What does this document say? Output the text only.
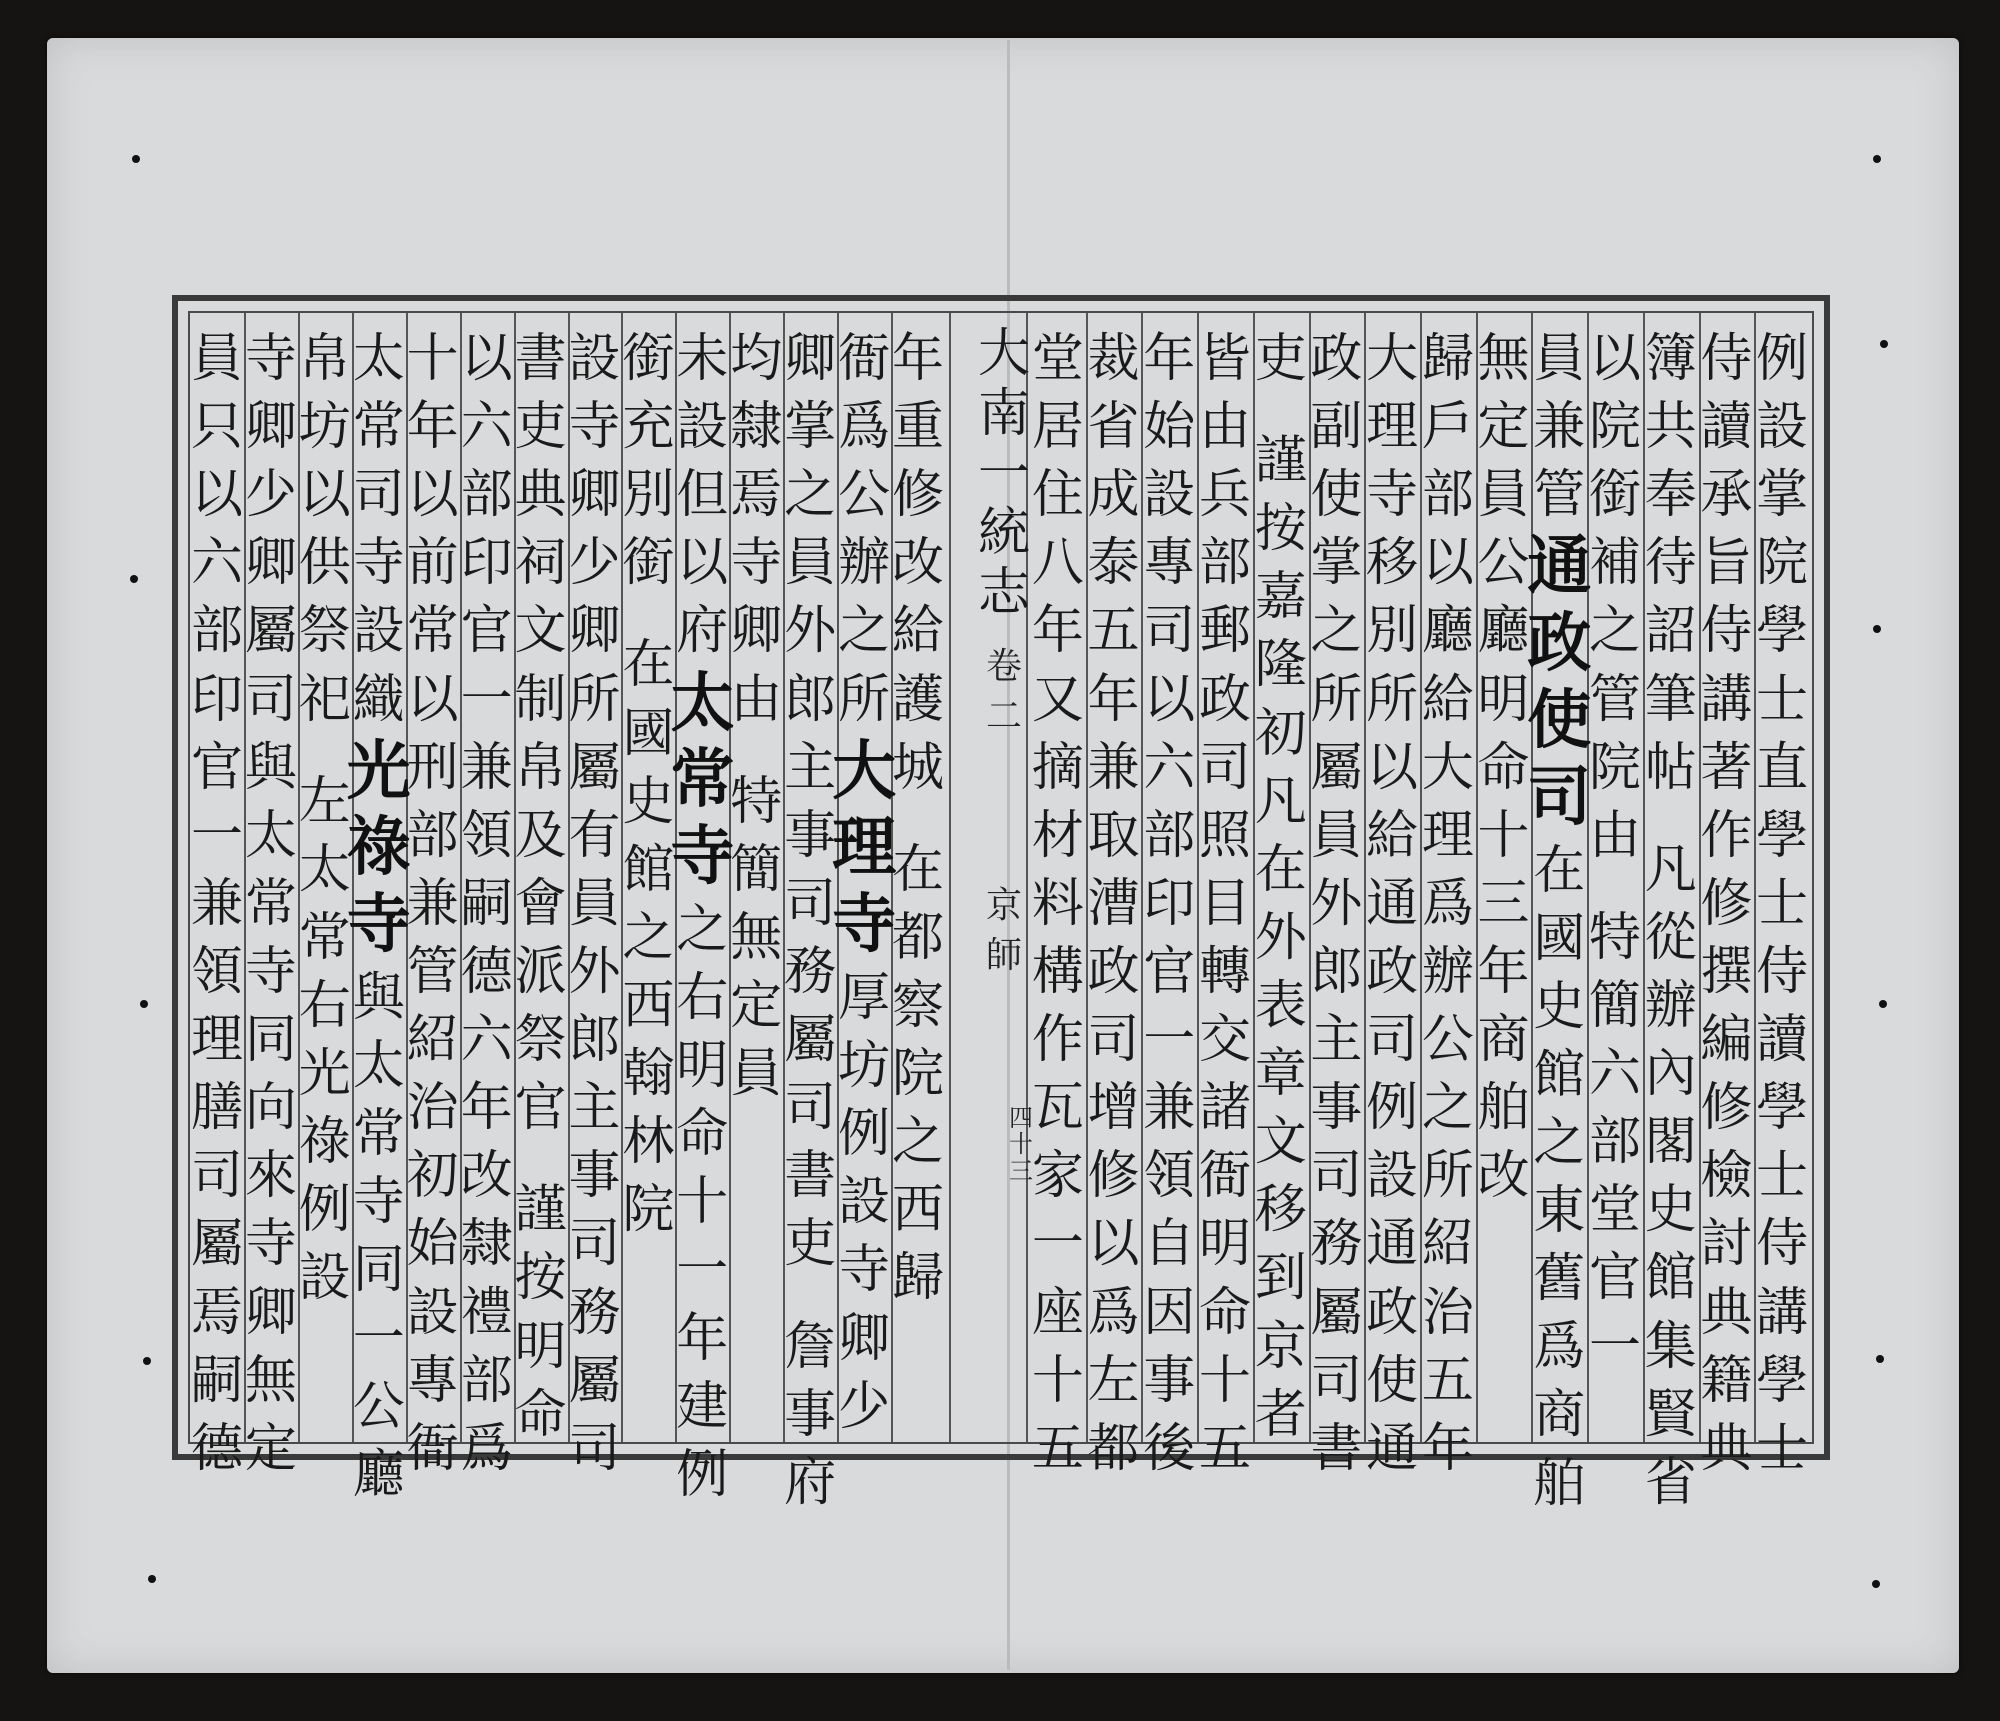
例設掌院學士直學士侍讀學士侍講學士
侍讀承旨侍講著作修撰編修檢討典籍典
簿共奉待詔筆帖
凡從辦內閣史館集賢省
以院銜補之管院由
特簡六部堂官一
員兼管
通政使司
在國史館之東舊爲商舶
無定員公廳明命十三年商舶改
歸戶部以廳給大理爲辦公之所紹治五年
大理寺移別所以給通政司例設通政使通
政副使掌之所屬員外郎主事司務屬司書
吏
謹按嘉隆初凡在外表章文移到京者
皆由兵部郵政司照目轉交諸衙明命十五
年始設專司以六部印官一兼領自因事後
裁省成泰五年兼取漕政司增修以爲左都
堂居住八年又摘材料構作瓦家一座十五
年重修改給護城
在都察院之西歸
衙爲公辦之所
大理寺
厚坊例設寺卿少
卿掌之員外郎主事司務屬司書吏
詹事府
均隸焉寺卿由
特簡無定員
未設但以府
太常寺
之右明命十一年建例
銜充別銜
在國史館之西翰林院
設寺卿少卿所屬有員外郎主事司務屬司
書吏典祠文制帛及會派祭官
謹按明命
以六部印官一兼領嗣德六年改隸禮部爲
十年以前常以刑部兼管紹治初始設專衙
太常司寺設織
光祿寺
與太常寺同一公廳
帛坊以供祭祀
左太常右光祿例設
寺卿少卿屬司與太常寺同向來寺卿無定
員只以六部印官一兼領理膳司屬焉嗣德
大南一統志
卷二
京師
四十三
